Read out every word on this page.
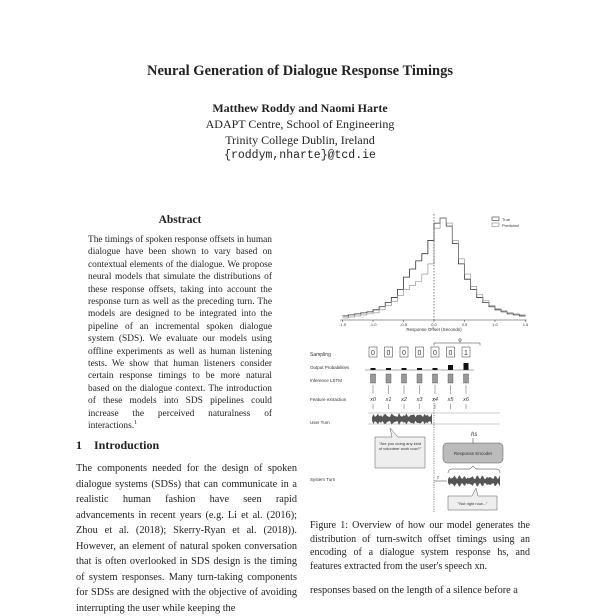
Neural Generation of Dialogue Response Timings
Matthew Roddy and Naomi Harte
ADAPT Centre, School of Engineering
Trinity College Dublin, Ireland
{roddym,nharte}@tcd.ie
Abstract
The timings of spoken response offsets in human dialogue have been shown to vary based on contextual elements of the dialogue. We propose neural models that simulate the distributions of these response offsets, taking into account the response turn as well as the preceding turn. The models are designed to be integrated into the pipeline of an incremental spoken dialogue system (SDS). We evaluate our models using offline experiments as well as human listening tests. We show that human listeners consider certain response timings to be more natural based on the dialogue context. The introduction of these models into SDS pipelines could increase the perceived naturalness of interactions.$^1$
1 Introduction
The components needed for the design of spoken dialogue systems (SDSs) that can communicate in a realistic human fashion have seen rapid advancements in recent years (e.g. Li et al. (2016); Zhou et al. (2018); Skerry-Ryan et al. (2018)). However, an element of natural spoken conversation that is often overlooked in SDS design is the timing of system responses. Many turn-taking components for SDSs are designed with the objective of avoiding interrupting the user while keeping the
-1.5	-1.0	-0.5	0.0	0.5	1.0	1.5
Response Offset (Seconds)
True
Predicted
Sampling
Output Probabilities
Inference LSTM
Feature extraction
User Turn
System Turn
0
x0
0
x1
0
x2
0
x3
0
x4
0
x5
1
x6
φ
"Are you doing any kind of volunteer work now?"
Response Encoder
hs
τ
"Not right now..."
Figure 1: Overview of how our model generates the distribution of turn-switch offset timings using an encoding of a dialogue system response hs, and features extracted from the user's speech xn.
responses based on the length of a silence before a
